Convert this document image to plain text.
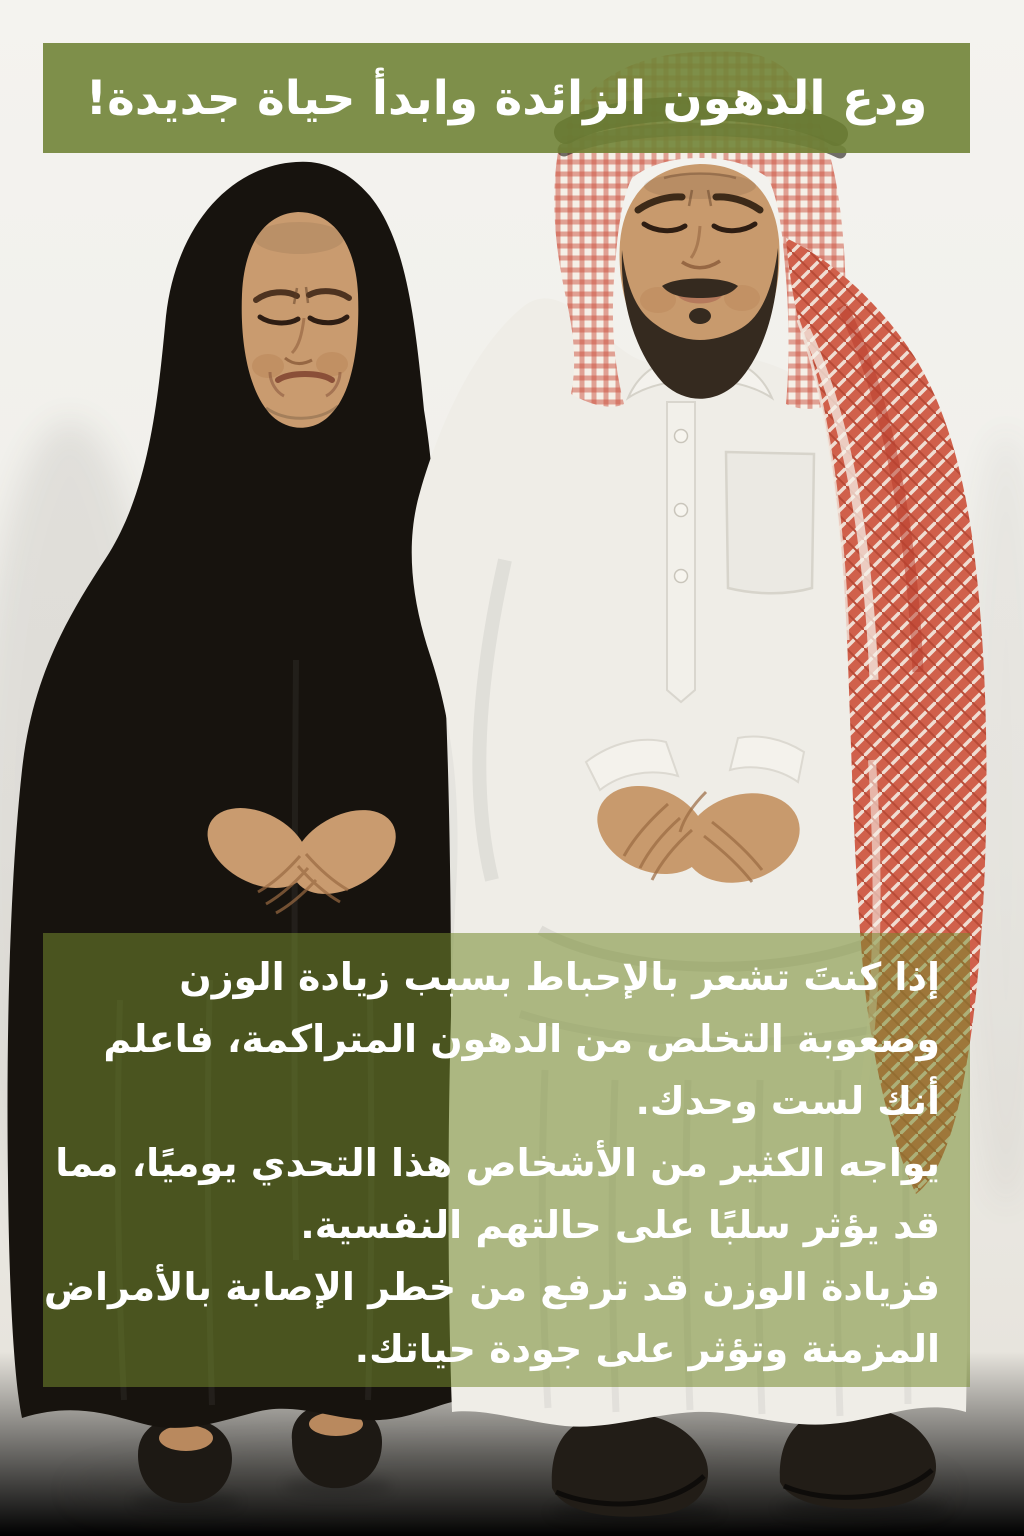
ودع الدهون الزائدة وابدأ حياة جديدة!
إذا كنتَ تشعر بالإحباط بسبب زيادة الوزن
وصعوبة التخلص من الدهون المتراكمة، فاعلم
أنك لست وحدك.
يواجه الكثير من الأشخاص هذا التحدي يوميًا، مما
قد يؤثر سلبًا على حالتهم النفسية.
فزيادة الوزن قد ترفع من خطر الإصابة بالأمراض
المزمنة وتؤثر على جودة حياتك.
